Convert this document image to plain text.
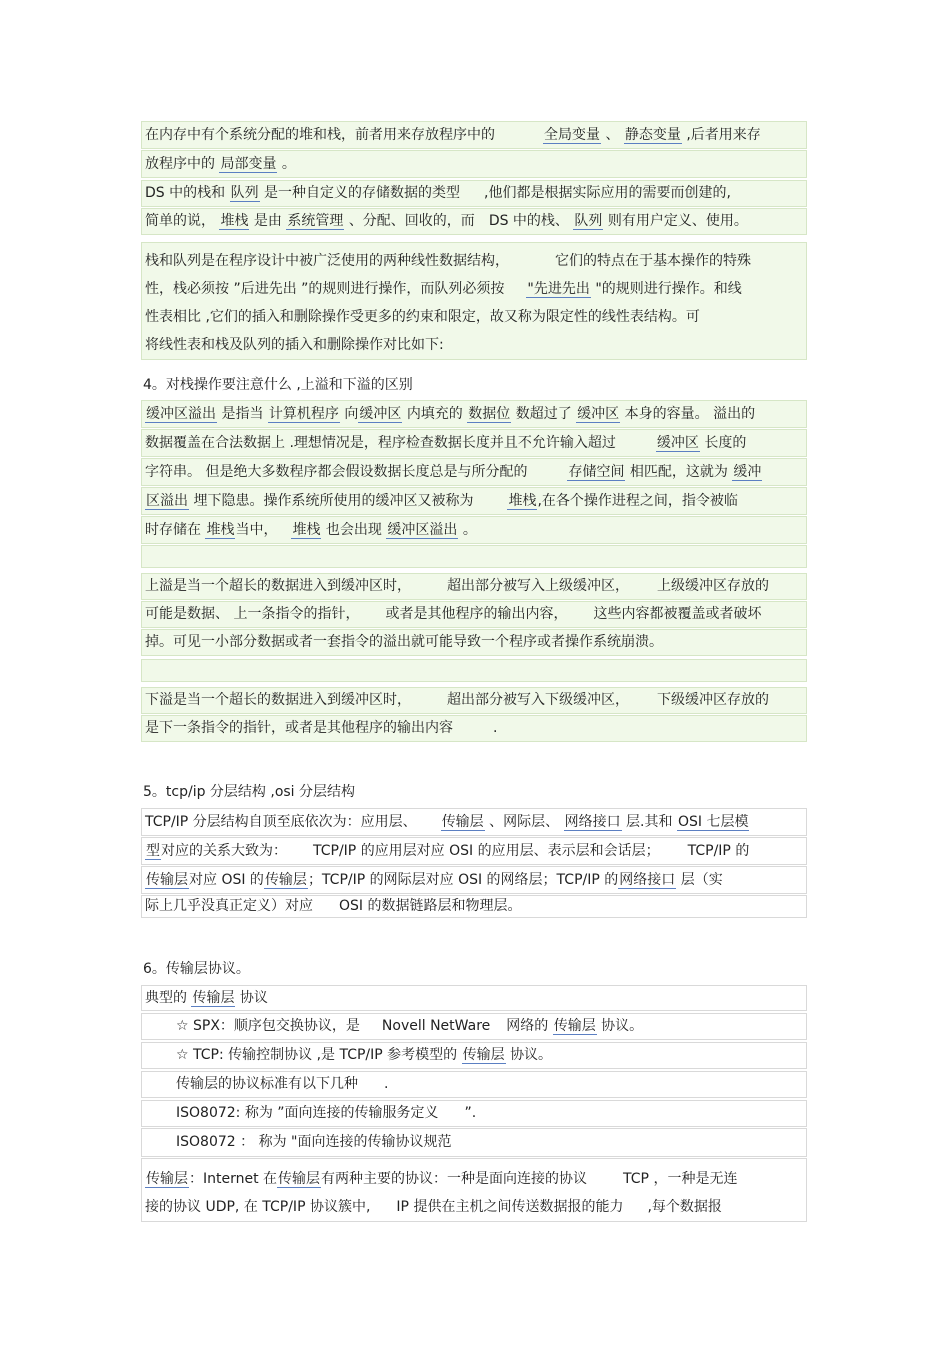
在内存中有个系统分配的堆和栈，前者用来存放程序中的	全局变量 、 静态变量 ,后者用来存
放程序中的 局部变量 。
DS 中的栈和 队列 是一种自定义的存储数据的类型 ,他们都是根据实际应用的需要而创建的,
简单的说， 堆栈 是由 系统管理 、分配、回收的，而 DS 中的栈、 队列 则有用户定义、使用。
栈和队列是在程序设计中被广泛使用的两种线性数据结构，	它们的特点在于基本操作的特殊
性，栈必须按 ”后进先出 ”的规则进行操作，而队列必须按 "先进先出 "的规则进行操作。和线
性表相比 ,它们的插入和删除操作受更多的约束和限定，故又称为限定性的线性表结构。可
将线性表和栈及队列的插入和删除操作对比如下:
4。对栈操作要注意什么 ,上溢和下溢的区别
缓冲区溢出 是指当 计算机程序 向缓冲区 内填充的 数据位 数超过了 缓冲区 本身的容量。 溢出的
数据覆盖在合法数据上 .理想情况是，程序检查数据长度并且不允许输入超过	缓冲区 长度的
字符串。 但是绝大多数程序都会假设数据长度总是与所分配的	存储空间 相匹配，这就为 缓冲
区溢出 埋下隐患。操作系统所使用的缓冲区又被称为	堆栈,在各个操作进程之间，指令被临
时存储在 堆栈当中， 堆栈 也会出现 缓冲区溢出 。
上溢是当一个超长的数据进入到缓冲区时，	超出部分被写入上级缓冲区， 上级缓冲区存放的
可能是数据、 上一条指令的指针， 或者是其他程序的输出内容， 这些内容都被覆盖或者破坏
掉。可见一小部分数据或者一套指令的溢出就可能导致一个程序或者操作系统崩溃。
下溢是当一个超长的数据进入到缓冲区时，	超出部分被写入下级缓冲区， 下级缓冲区存放的
是下一条指令的指针，或者是其他程序的输出内容	.
5。tcp/ip 分层结构 ,osi 分层结构
TCP/IP 分层结构自顶至底依次为：应用层、 传输层 、网际层、 网络接口 层.其和 OSI 七层模
型对应的关系大致为： TCP/IP 的应用层对应 OSI 的应用层、表示层和会话层； TCP/IP 的
传输层对应 OSI 的传输层；TCP/IP 的网际层对应 OSI 的网络层；TCP/IP 的网络接口 层（实
际上几乎没真正定义）对应 OSI 的数据链路层和物理层。
6。传输层协议。
典型的 传输层 协议
☆ SPX：顺序包交换协议，是 Novell NetWare 网络的 传输层 协议。
☆ TCP: 传输控制协议 ,是 TCP/IP 参考模型的 传输层 协议。
传输层的协议标准有以下几种 .
ISO8072: 称为 ”面向连接的传输服务定义 ”.
ISO8072 ： 称为 "面向连接的传输协议规范
传输层：Internet 在传输层有两种主要的协议：一种是面向连接的协议	TCP ，一种是无连
接的协议 UDP, 在 TCP/IP 协议簇中, IP 提供在主机之间传送数据报的能力 ,每个数据报
